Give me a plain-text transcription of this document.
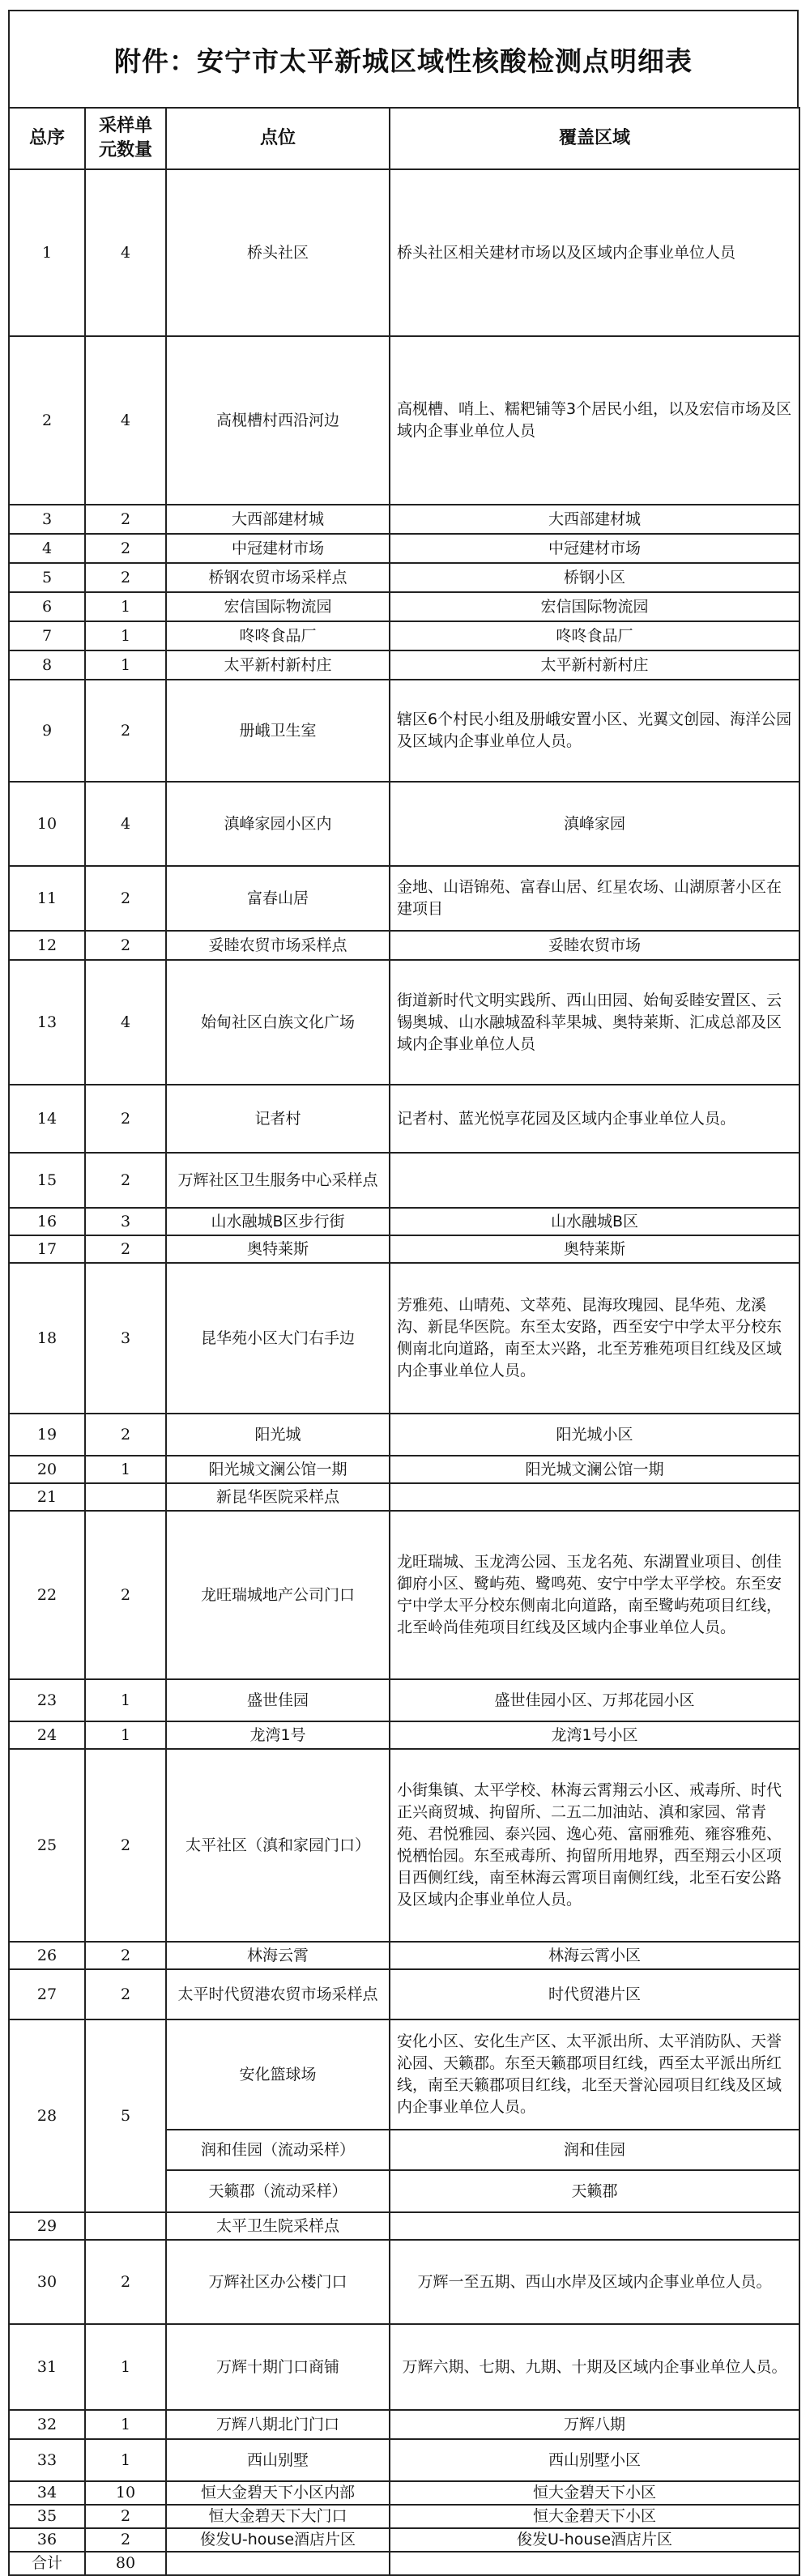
附件：安宁市太平新城区域性核酸检测点明细表
总序	采样单元数量	点位	覆盖区域
1	4	桥头社区	桥头社区相关建材市场以及区域内企事业单位人员
2	4	高枧槽村西沿河边	高枧槽、哨上、糯粑铺等3个居民小组，以及宏信市场及区域内企事业单位人员
3	2	大西部建材城	大西部建材城
4	2	中冠建材市场	中冠建材市场
5	2	桥钢农贸市场采样点	桥钢小区
6	1	宏信国际物流园	宏信国际物流园
7	1	咚咚食品厂	咚咚食品厂
8	1	太平新村新村庄	太平新村新村庄
9	2	册峨卫生室	辖区6个村民小组及册峨安置小区、光翼文创园、海洋公园及区域内企事业单位人员。
10	4	滇峰家园小区内	滇峰家园
11	2	富春山居	金地、山语锦苑、富春山居、红星农场、山湖原著小区在建项目
12	2	妥睦农贸市场采样点	妥睦农贸市场
13	4	始甸社区白族文化广场	街道新时代文明实践所、西山田园、始甸妥睦安置区、云锡奥城、山水融城盈科苹果城、奥特莱斯、汇成总部及区域内企事业单位人员
14	2	记者村	记者村、蓝光悦享花园及区域内企事业单位人员。
15	2	万辉社区卫生服务中心采样点	
16	3	山水融城B区步行街	山水融城B区
17	2	奥特莱斯	奥特莱斯
18	3	昆华苑小区大门右手边	芳雅苑、山晴苑、文萃苑、昆海玫瑰园、昆华苑、龙溪沟、新昆华医院。东至太安路，西至安宁中学太平分校东侧南北向道路，南至太兴路，北至芳雅苑项目红线及区域内企事业单位人员。
19	2	阳光城	阳光城小区
20	1	阳光城文澜公馆一期	阳光城文澜公馆一期
21		新昆华医院采样点	
22	2	龙旺瑞城地产公司门口	龙旺瑞城、玉龙湾公园、玉龙名苑、东湖置业项目、创佳御府小区、鹭屿苑、鹭鸣苑、安宁中学太平学校。东至安宁中学太平分校东侧南北向道路，南至鹭屿苑项目红线，北至岭尚佳苑项目红线及区域内企事业单位人员。
23	1	盛世佳园	盛世佳园小区、万邦花园小区
24	1	龙湾1号	龙湾1号小区
25	2	太平社区（滇和家园门口）	小街集镇、太平学校、林海云霄翔云小区、戒毒所、时代正兴商贸城、拘留所、二五二加油站、滇和家园、常青苑、君悦雅园、泰兴园、逸心苑、富丽雅苑、雍容雅苑、悦栖怡园。东至戒毒所、拘留所用地界，西至翔云小区项目西侧红线，南至林海云霄项目南侧红线，北至石安公路及区域内企事业单位人员。
26	2	林海云霄	林海云霄小区
27	2	太平时代贸港农贸市场采样点	时代贸港片区
28	5	安化篮球场	安化小区、安化生产区、太平派出所、太平消防队、天誉沁园、天籁郡。东至天籁郡项目红线，西至太平派出所红线，南至天籁郡项目红线，北至天誉沁园项目红线及区域内企事业单位人员。
		润和佳园（流动采样）	润和佳园
		天籁郡（流动采样）	天籁郡
29		太平卫生院采样点	
30	2	万辉社区办公楼门口	万辉一至五期、西山水岸及区域内企事业单位人员。
31	1	万辉十期门口商铺	万辉六期、七期、九期、十期及区域内企事业单位人员。
32	1	万辉八期北门门口	万辉八期
33	1	西山别墅	西山别墅小区
34	10	恒大金碧天下小区内部	恒大金碧天下小区
35	2	恒大金碧天下大门口	恒大金碧天下小区
36	2	俊发U-house酒店片区	俊发U-house酒店片区
合计	80		
